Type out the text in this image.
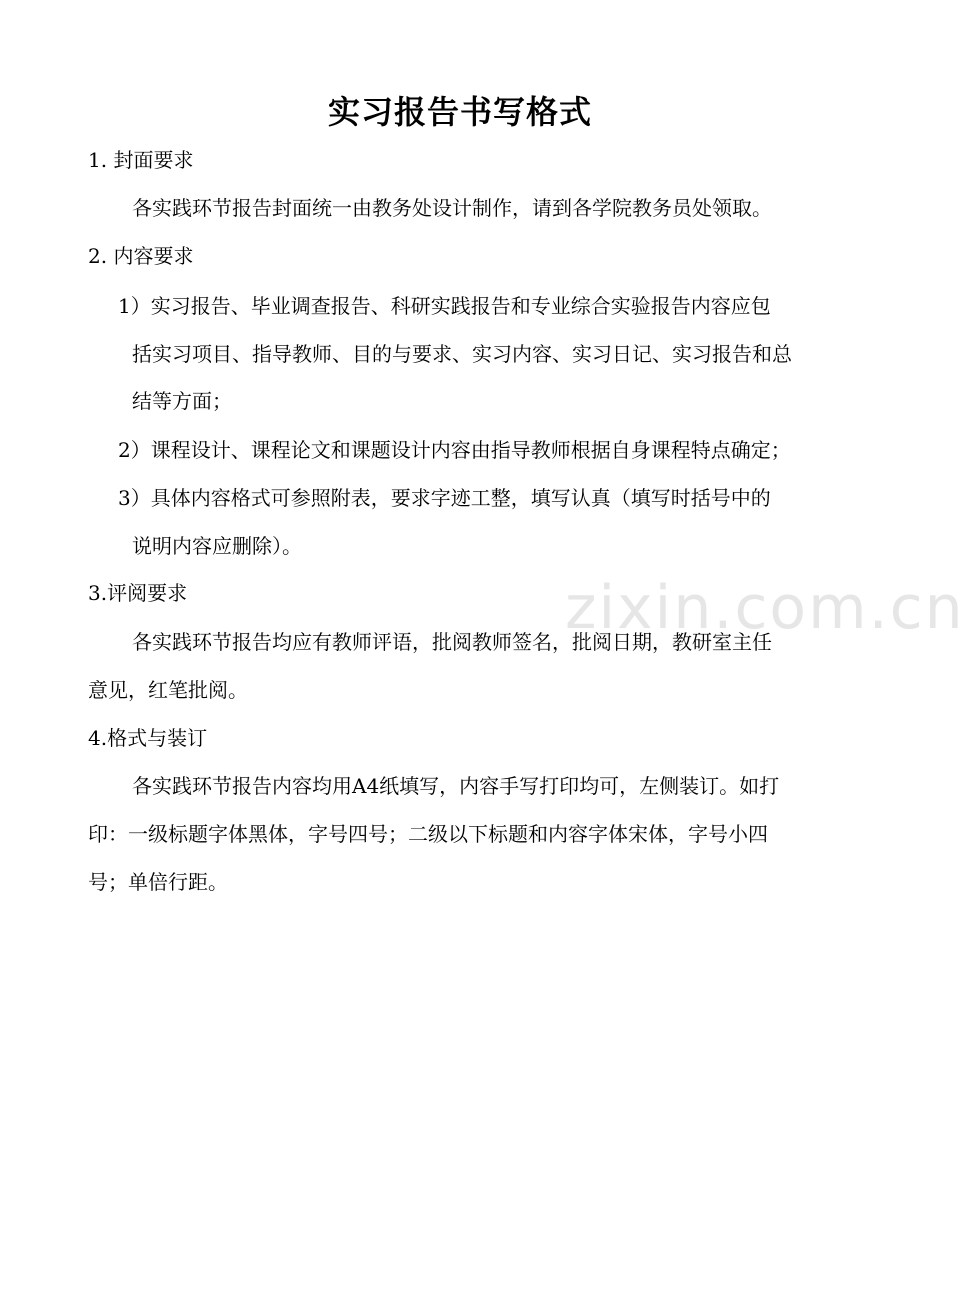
zixin.com.cn
实习报告书写格式
1. 封面要求
各实践环节报告封面统一由教务处设计制作，请到各学院教务员处领取。
2. 内容要求
1）实习报告、毕业调查报告、科研实践报告和专业综合实验报告内容应包
括实习项目、指导教师、目的与要求、实习内容、实习日记、实习报告和总
结等方面；
2）课程设计、课程论文和课题设计内容由指导教师根据自身课程特点确定；
3）具体内容格式可参照附表，要求字迹工整，填写认真（填写时括号中的
说明内容应删除）。
3.评阅要求
各实践环节报告均应有教师评语，批阅教师签名，批阅日期，教研室主任
意见，红笔批阅。
4.格式与装订
各实践环节报告内容均用A4纸填写，内容手写打印均可，左侧装订。如打
印：一级标题字体黑体，字号四号；二级以下标题和内容字体宋体，字号小四
号；单倍行距。
